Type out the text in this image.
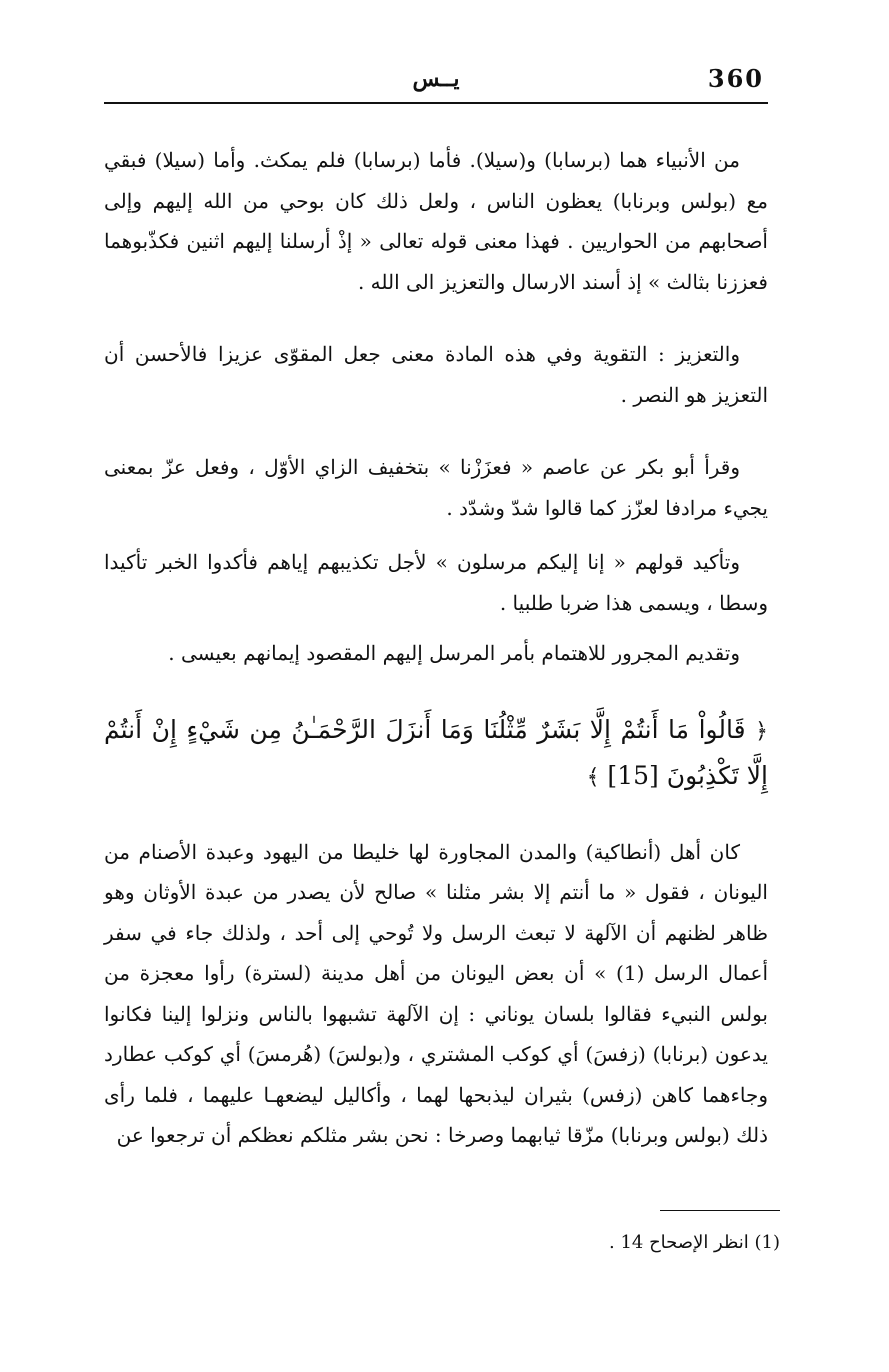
360
يــس

من الأنبياء هما (برسابا) و(سيلا). فأما (برسابا) فلم يمكث. وأما (سيلا) فبقي مع (بولس وبرنابا) يعظون الناس ، ولعل ذلك كان بوحي من الله إليهم وإلى أصحابهم من الحواريين . فهذا معنى قوله تعالى « إذْ أرسلنا إليهم اثنين فكذّبوهما فعززنا بثالث » إذ أسند الارسال والتعزيز الى الله .

والتعزيز : التقوية وفي هذه المادة معنى جعل المقوّى عزيزا فالأحسن أن التعزيز هو النصر .

وقرأ أبو بكر عن عاصم « فعزَزْنا » بتخفيف الزاي الأوّل ، وفعل عزّ بمعنى يجيء مرادفا لعزّز كما قالوا شدّ وشدّد .

وتأكيد قولهم « إنا إليكم مرسلون » لأجل تكذيبهم إياهم فأكدوا الخبر تأكيدا وسطا ، ويسمى هذا ضربا طلبيا .

وتقديم المجرور للاهتمام بأمر المرسل إليهم المقصود إيمانهم بعيسى .

﴿ قَالُواْ مَا أَنتُمْ إِلَّا بَشَرٌ مِّثْلُنَا وَمَا أَنزَلَ الرَّحْمَـٰنُ مِن شَيْءٍ إِنْ أَنتُمْ إِلَّا تَكْذِبُونَ [15] ﴾

كان أهل (أنطاكية) والمدن المجاورة لها خليطا من اليهود وعبدة الأصنام من اليونان ، فقول « ما أنتم إلا بشر مثلنا » صالح لأن يصدر من عبدة الأوثان وهو ظاهر لظنهم أن الآلهة لا تبعث الرسل ولا تُوحي إلى أحد ، ولذلك جاء في سفر أعمال الرسل (1) » أن بعض اليونان من أهل مدينة (لسترة) رأوا معجزة من بولس النبيء فقالوا بلسان يوناني : إن الآلهة تشبهوا بالناس ونزلوا إلينا فكانوا يدعون (برنابا) (زفسَ) أي كوكب المشتري ، و(بولسَ) (هُرمسَ) أي كوكب عطارد وجاءهما كاهن (زفس) بثيران ليذبحها لهما ، وأكاليل ليضعهـا عليهما ، فلما رأى ذلك (بولس وبرنابا) مزّقا ثيابهما وصرخا : نحن بشر مثلكم نعظكم أن ترجعوا عن

(1) انظر الإصحاح 14 .
